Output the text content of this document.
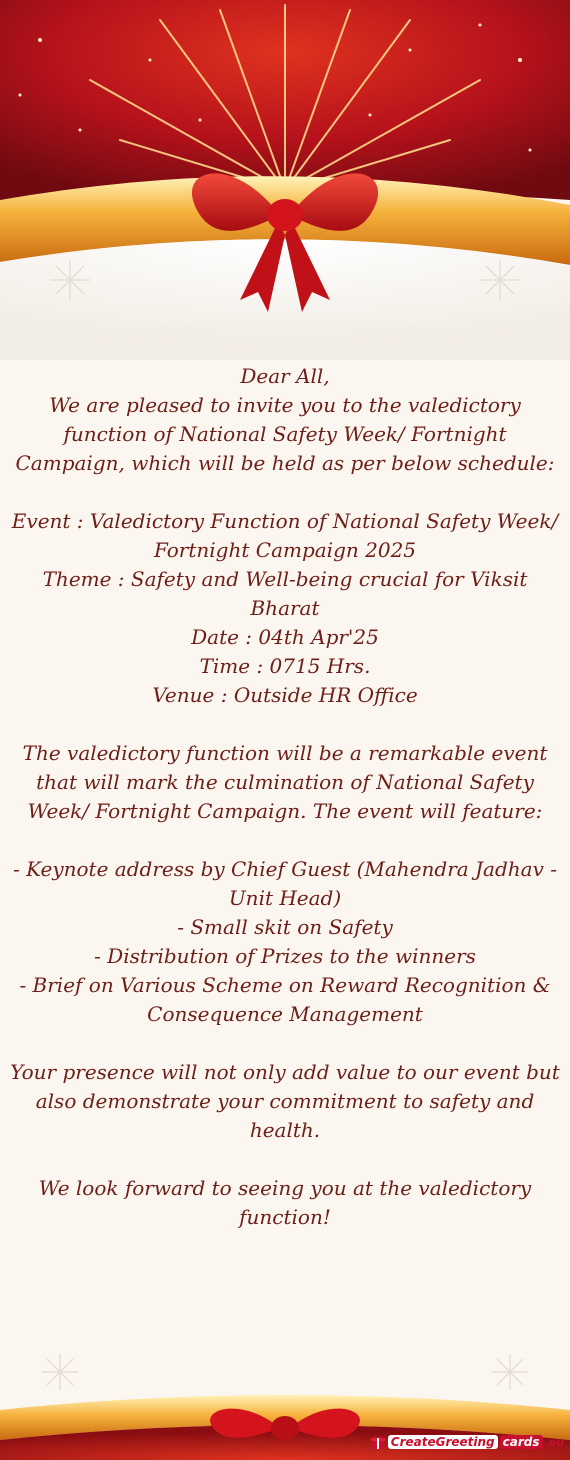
Dear All,

We are pleased to invite you to the valedictory function of National Safety Week/ Fortnight Campaign, which will be held as per below schedule:

Event : Valedictory Function of National Safety Week/ Fortnight Campaign 2025

Theme : Safety and Well-being crucial for Viksit Bharat

Date : 04th Apr'25

Time : 0715 Hrs.

Venue : Outside HR Office

The valedictory function will be a remarkable event that will mark the culmination of National Safety Week/ Fortnight Campaign. The event will feature:

- Keynote address by Chief Guest (Mahendra Jadhav - Unit Head)

- Small skit on Safety

- Distribution of Prizes to the winners

- Brief on Various Scheme on Reward Recognition & Consequence Management

Your presence will not only add value to our event but also demonstrate your commitment to safety and health.

We look forward to seeing you at the valedictory function!

CreateGreeting cards .eu
